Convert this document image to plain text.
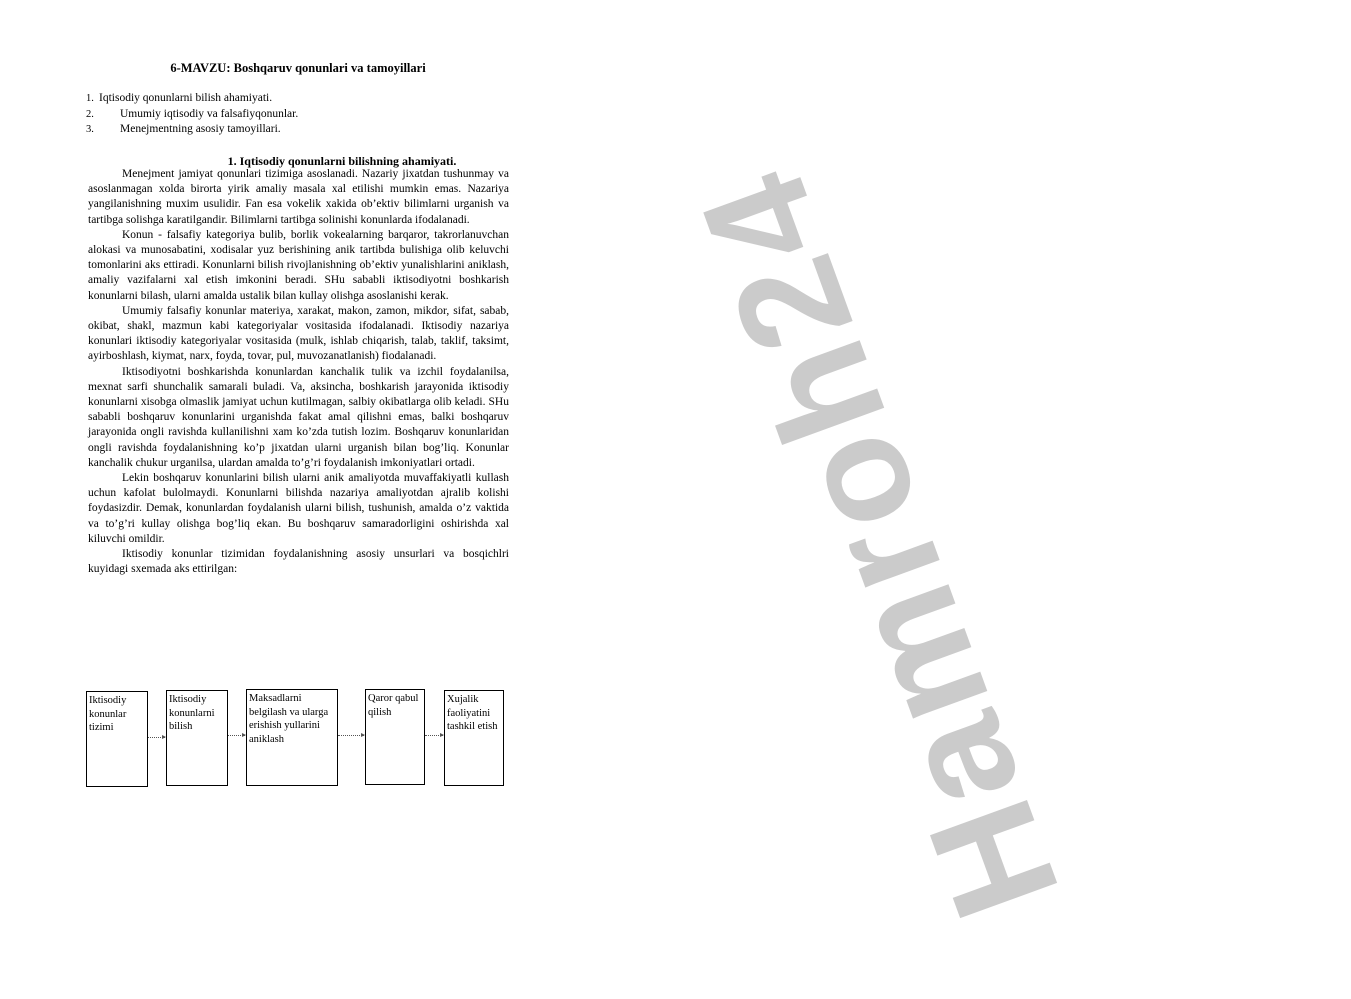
6-MAVZU: Boshqaruv qonunlari va tamoyillari
1. Iqtisodiy qonunlarni bilish ahamiyati.
2. Umumiy iqtisodiy va falsafiyqonunlar.
3. Menejmentning asosiy tamoyillari.
1. Iqtisodiy qonunlarni bilishning ahamiyati.

Menejment jamiyat qonunlari tizimiga asoslanadi. Nazariy jixatdan tushunmay va asoslanmagan xolda birorta yirik amaliy masala xal etilishi mumkin emas. Nazariya yangilanishning muxim usulidir. Fan esa vokelik xakida ob’ektiv bilimlarni urganish va tartibga solishga karatilgandir. Bilimlarni tartibga solinishi konunlarda ifodalanadi.

Konun - falsafiy kategoriya bulib, borlik vokealarning barqaror, takrorlanuvchan alokasi va munosabatini, xodisalar yuz berishining anik tartibda bulishiga olib keluvchi tomonlarini aks ettiradi. Konunlarni bilish rivojlanishning ob’ektiv yunalishlarini aniklash, amaliy vazifalarni xal etish imkonini beradi. SHu sababli iktisodiyotni boshkarish konunlarni bilash, ularni amalda ustalik bilan kullay olishga asoslanishi kerak.

Umumiy falsafiy konunlar materiya, xarakat, makon, zamon, mikdor, sifat, sabab, okibat, shakl, mazmun kabi kategoriyalar vositasida ifodalanadi. Iktisodiy nazariya konunlari iktisodiy kategoriyalar vositasida (mulk, ishlab chiqarish, talab, taklif, taksimt, ayirboshlash, kiymat, narx, foyda, tovar, pul, muvozanatlanish) fiodalanadi.

Iktisodiyotni boshkarishda konunlardan kanchalik tulik va izchil foydalanilsa, mexnat sarfi shunchalik samarali buladi. Va, aksincha, boshkarish jarayonida iktisodiy konunlarni xisobga olmaslik jamiyat uchun kutilmagan, salbiy okibatlarga olib keladi. SHu sababli boshqaruv konunlarini urganishda fakat amal qilishni emas, balki boshqaruv jarayonida ongli ravishda kullanilishni xam ko’zda tutish lozim. Boshqaruv konunlaridan ongli ravishda foydalanishning ko’p jixatdan ularni urganish bilan bog’liq. Konunlar kanchalik chukur urganilsa, ulardan amalda to’g’ri foydalanish imkoniyatlari ortadi.

Lekin boshqaruv konunlarini bilish ularni anik amaliyotda muvaffakiyatli kullash uchun kafolat bulolmaydi. Konunlarni bilishda nazariya amaliyotdan ajralib kolishi foydasizdir. Demak, konunlardan foydalanish ularni bilish, tushunish, amalda o’z vaktida va to’g’ri kullay olishga bog’liq ekan. Bu boshqaruv samaradorligini oshirishda xal kiluvchi omildir.

Iktisodiy konunlar tizimidan foydalanishning asosiy unsurlari va bosqichlri kuyidagi sxemada aks ettirilgan:

Iktisodiy konunlar tizimi
Iktisodiy konunlarni bilish
Maksadlarni belgilash va ularga erishish yullarini aniklash
Qaror qabul qilish
Xujalik faoliyatini tashkil etish Hamroh24
